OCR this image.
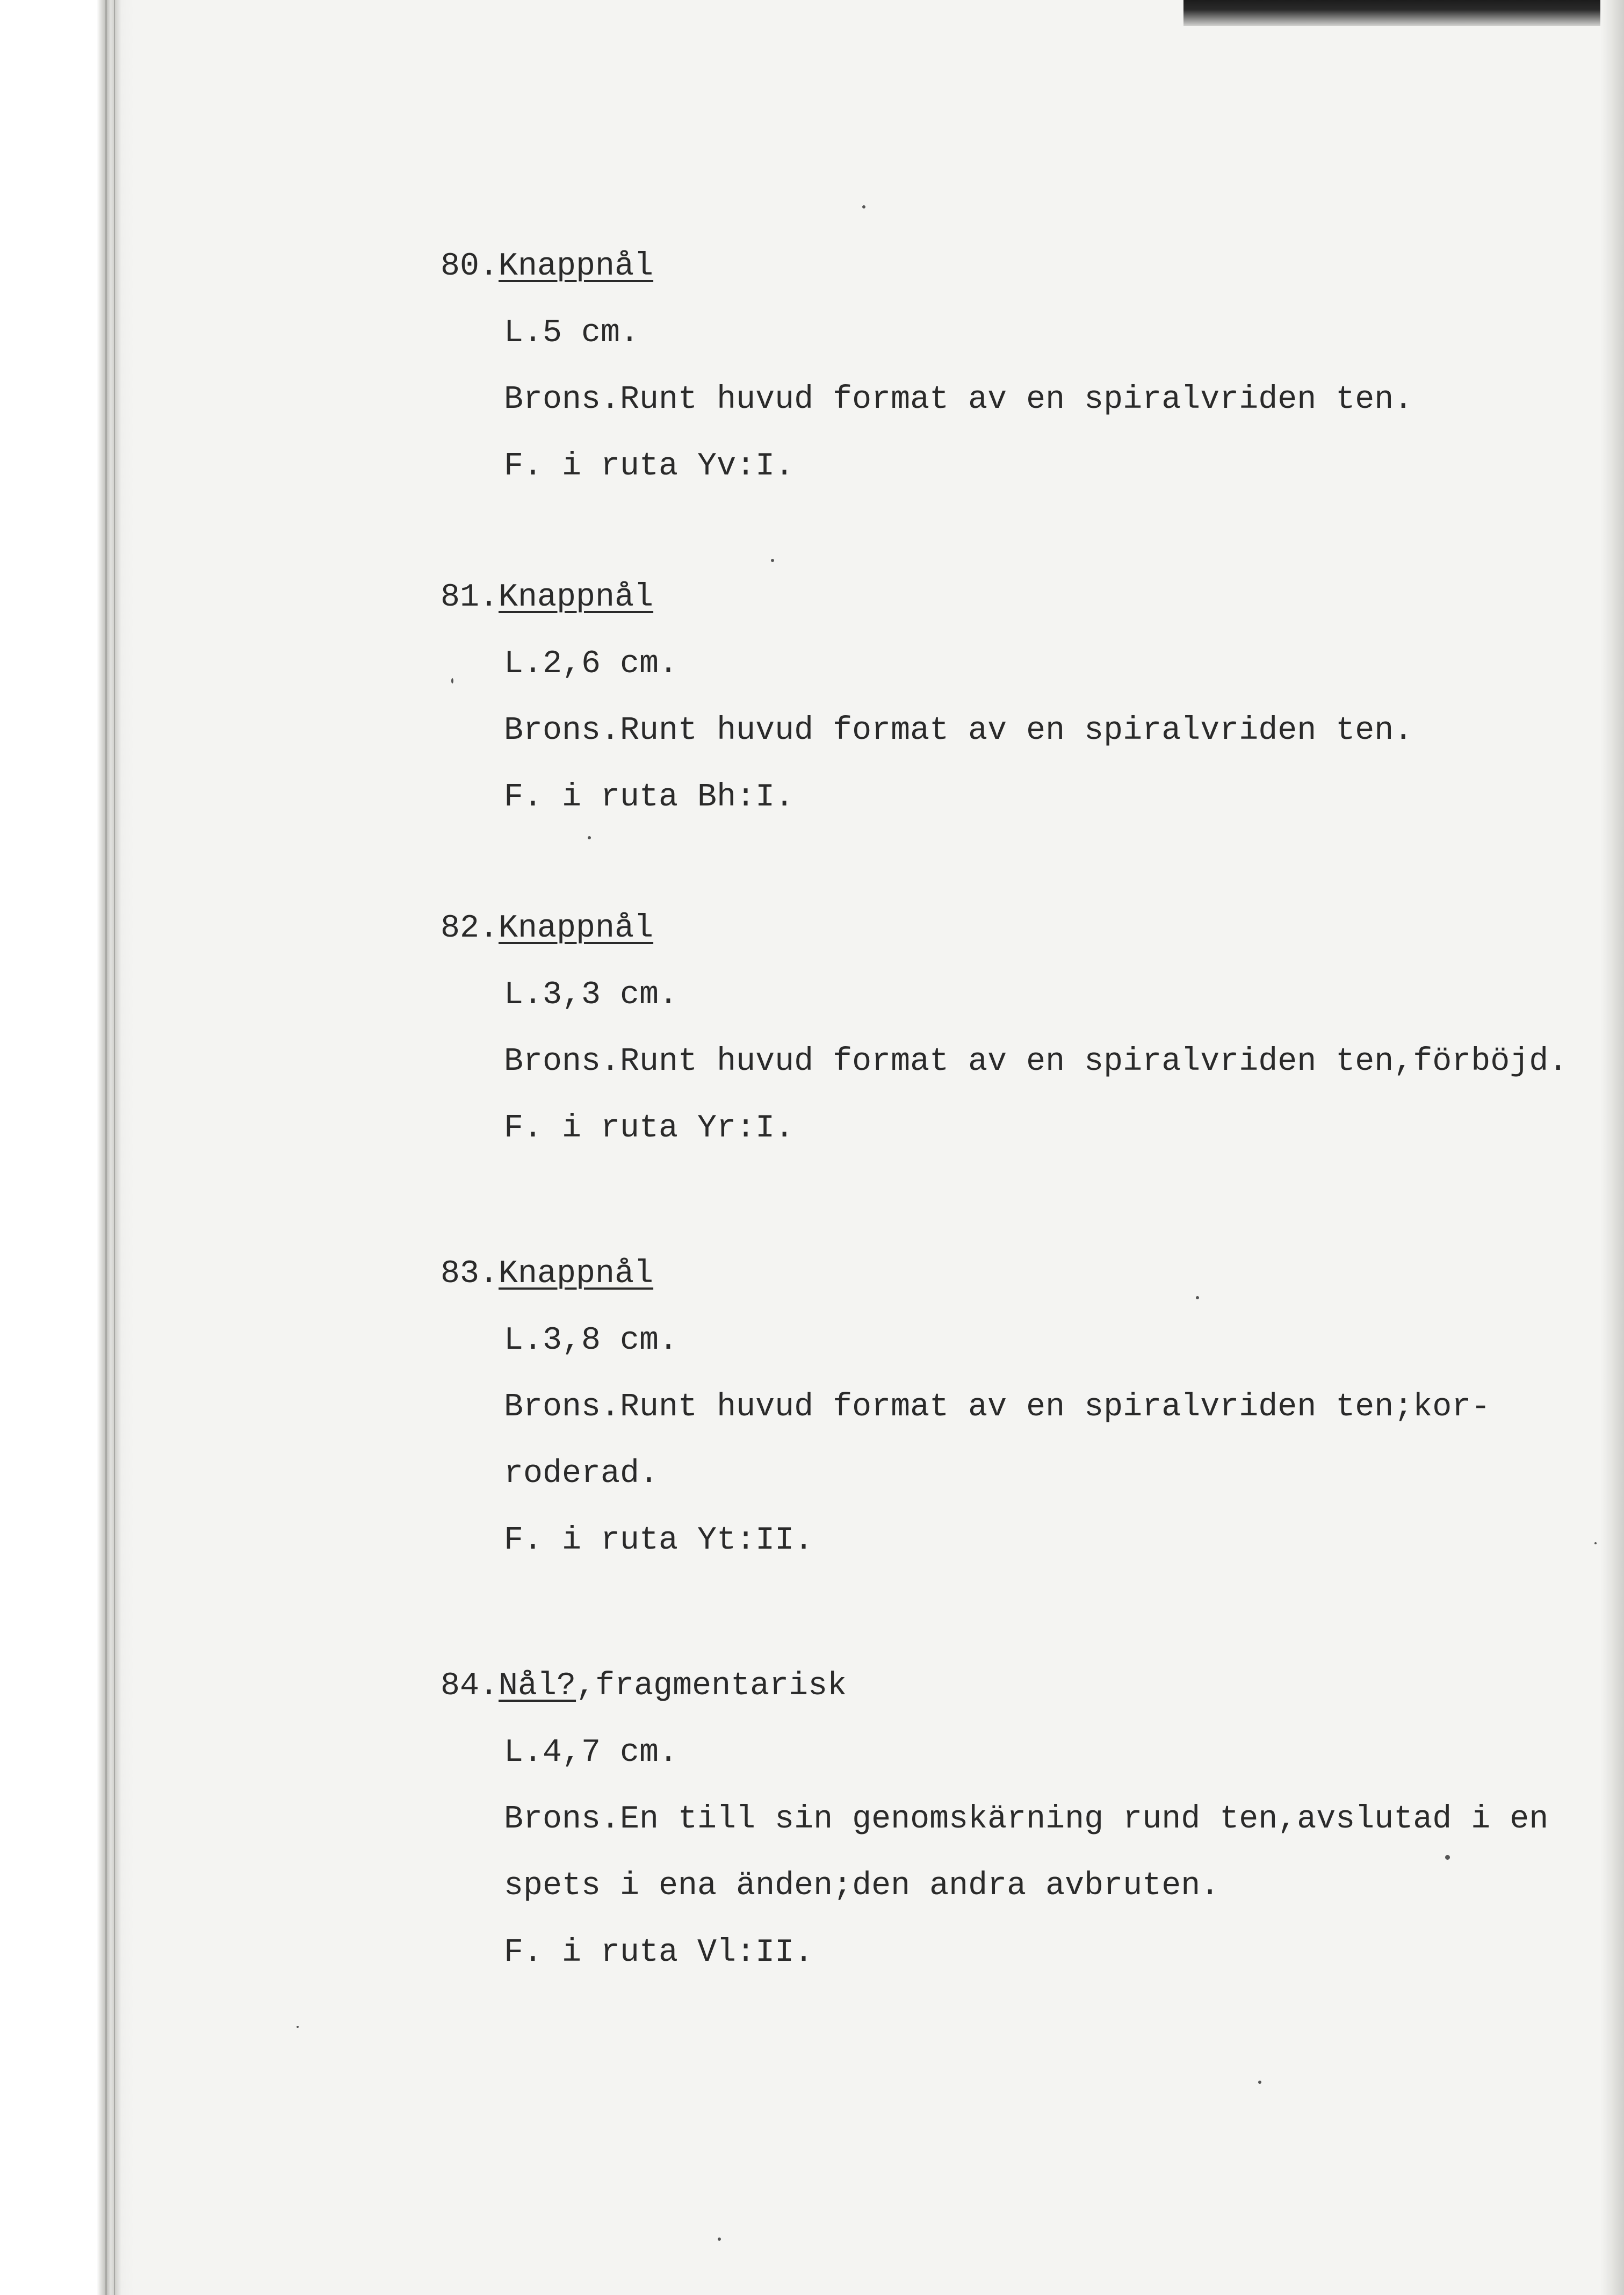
80.Knappnål
L.5 cm.
Brons.Runt huvud format av en spiralvriden ten.
F. i ruta Yv:I.
81.Knappnål
L.2,6 cm.
Brons.Runt huvud format av en spiralvriden ten.
F. i ruta Bh:I.
82.Knappnål
L.3,3 cm.
Brons.Runt huvud format av en spiralvriden ten,förböjd.
F. i ruta Yr:I.
83.Knappnål
L.3,8 cm.
Brons.Runt huvud format av en spiralvriden ten;kor-
roderad.
F. i ruta Yt:II.
84.Nål?,fragmentarisk
L.4,7 cm.
Brons.En till sin genomskärning rund ten,avslutad i en
spets i ena änden;den andra avbruten.
F. i ruta Vl:II.
